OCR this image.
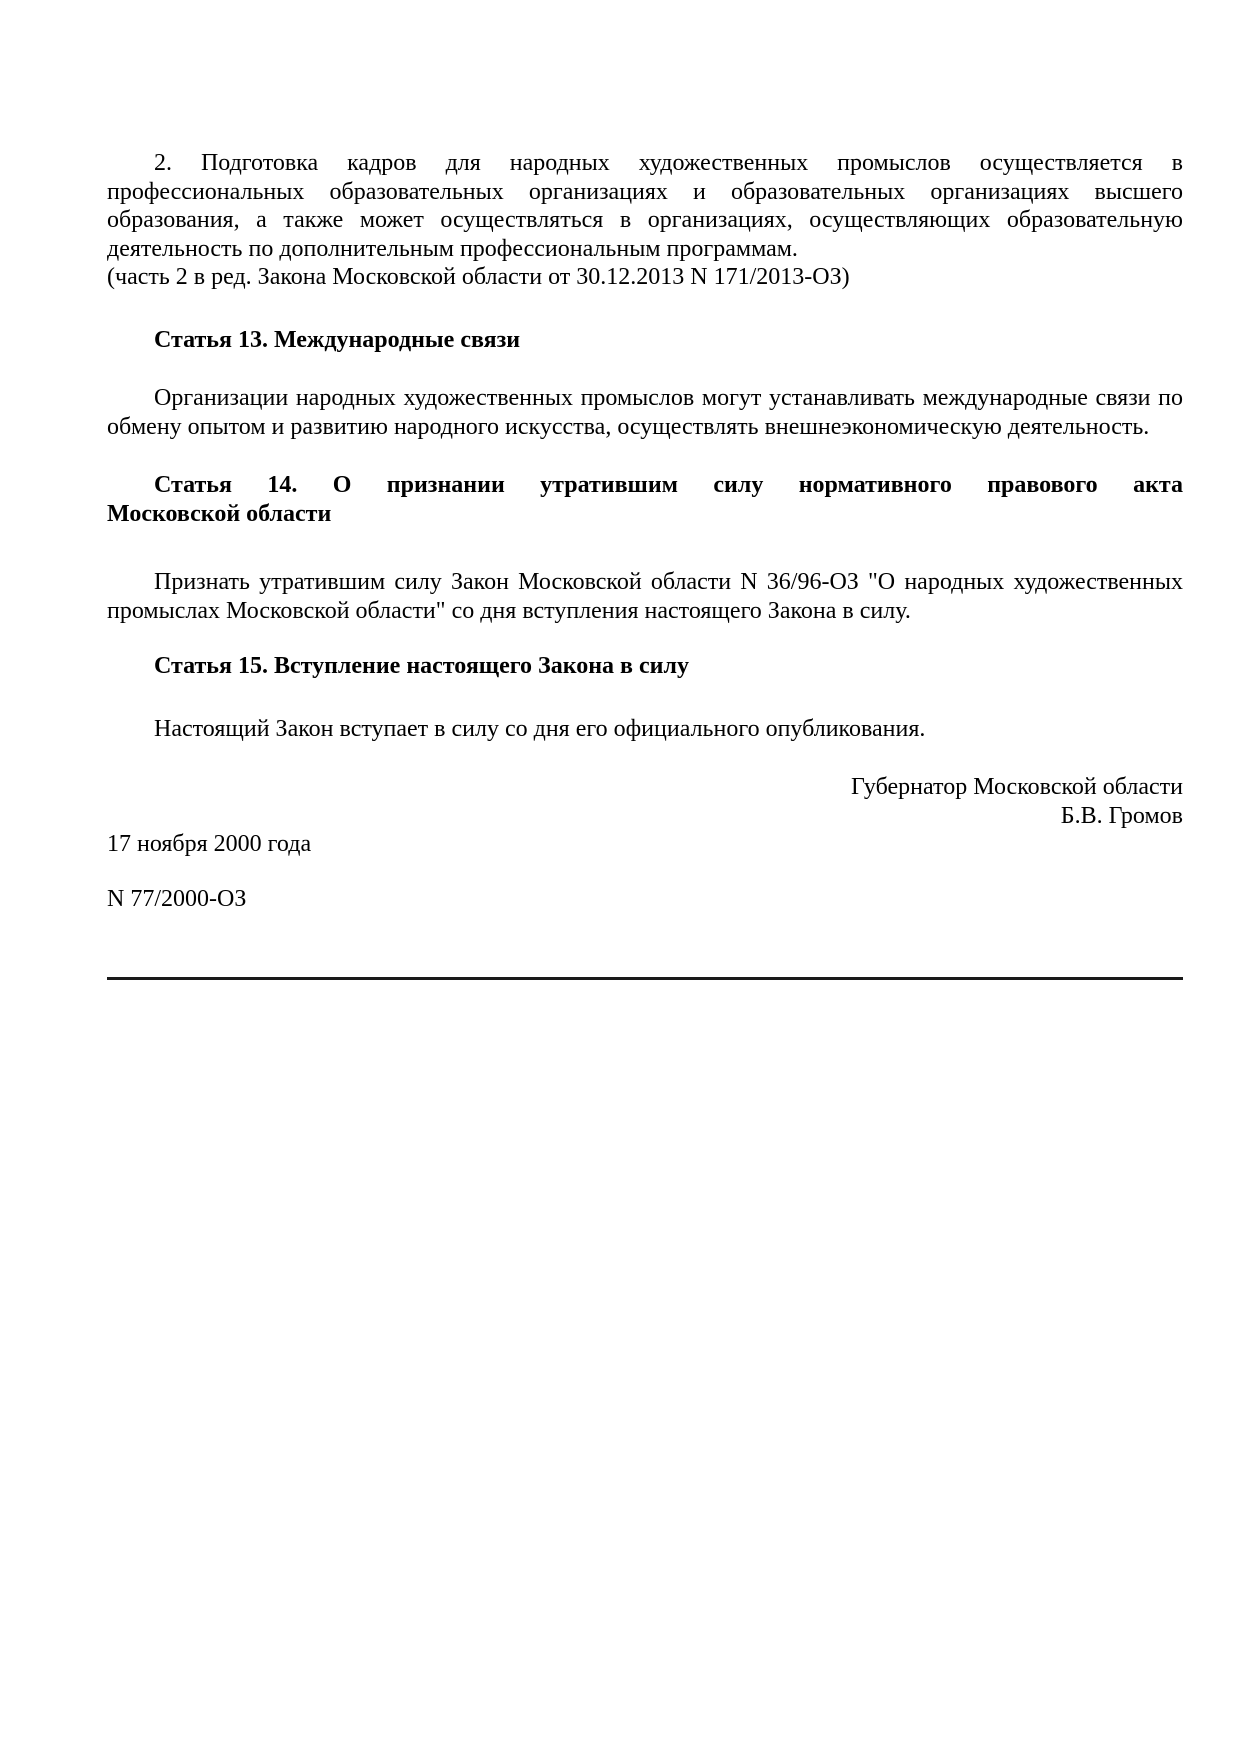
2. Подготовка кадров для народных художественных промыслов осуществляется в профессиональных образовательных организациях и образовательных организациях высшего образования, а также может осуществляться в организациях, осуществляющих образовательную деятельность по дополнительным профессиональным программам.

(часть 2 в ред. Закона Московской области от 30.12.2013 N 171/2013-ОЗ)

Статья 13. Международные связи

Организации народных художественных промыслов могут устанавливать международные связи по обмену опытом и развитию народного искусства, осуществлять внешнеэкономическую деятельность.

Статья 14. О признании утратившим силу нормативного правового акта
Московской области

Признать утратившим силу Закон Московской области N 36/96-ОЗ "О народных художественных промыслах Московской области" со дня вступления настоящего Закона в силу.

Статья 15. Вступление настоящего Закона в силу

Настоящий Закон вступает в силу со дня его официального опубликования.

Губернатор Московской области
Б.В. Громов

17 ноября 2000 года

N 77/2000-ОЗ
